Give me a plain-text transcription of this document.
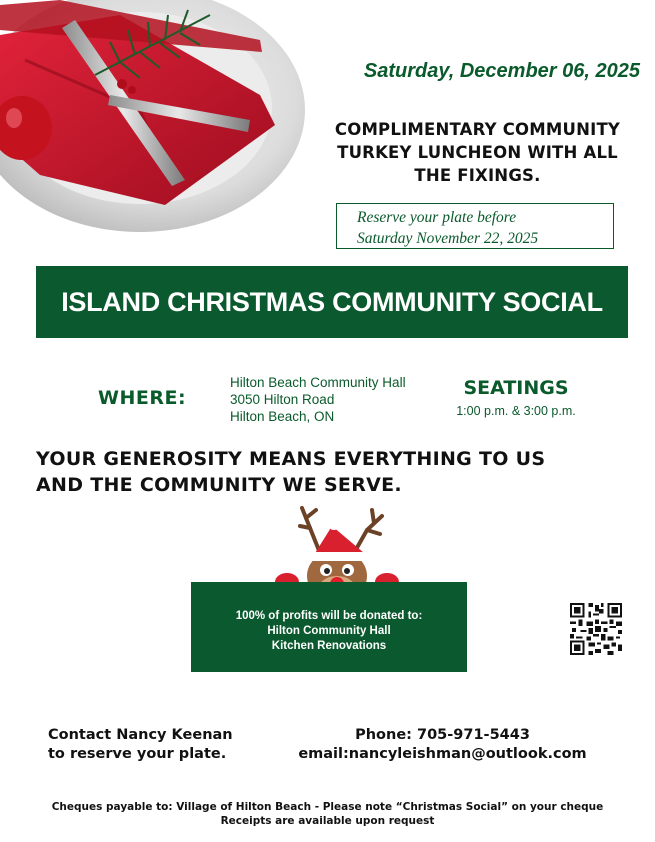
Saturday, December 06, 2025
COMPLIMENTARY COMMUNITY
TURKEY LUNCHEON WITH ALL
THE FIXINGS.
Reserve your plate before
Saturday November 22, 2025
ISLAND CHRISTMAS COMMUNITY SOCIAL
WHERE:
Hilton Beach Community Hall
3050 Hilton Road
Hilton Beach, ON
SEATINGS
1:00 p.m. & 3:00 p.m.
YOUR GENEROSITY MEANS EVERYTHING TO US
AND THE COMMUNITY WE SERVE.
100% of profits will be donated to:
Hilton Community Hall
Kitchen Renovations
Contact Nancy Keenan
to reserve your plate.
Phone: 705-971-5443
email:nancyleishman@outlook.com
Cheques payable to: Village of Hilton Beach - Please note “Christmas Social” on your cheque
Receipts are available upon request
